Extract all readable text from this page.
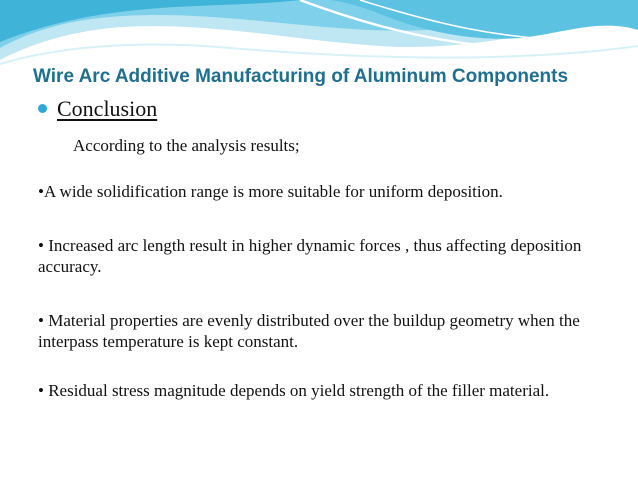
Wire Arc Additive Manufacturing of Aluminum Components
Conclusion
According to the analysis results;
•A wide solidification range is more suitable for uniform deposition.
• Increased arc length result in higher dynamic forces , thus affecting deposition accuracy.
• Material properties are evenly distributed over the buildup geometry when the interpass temperature is kept constant.
• Residual stress magnitude depends on yield strength of the filler material.
